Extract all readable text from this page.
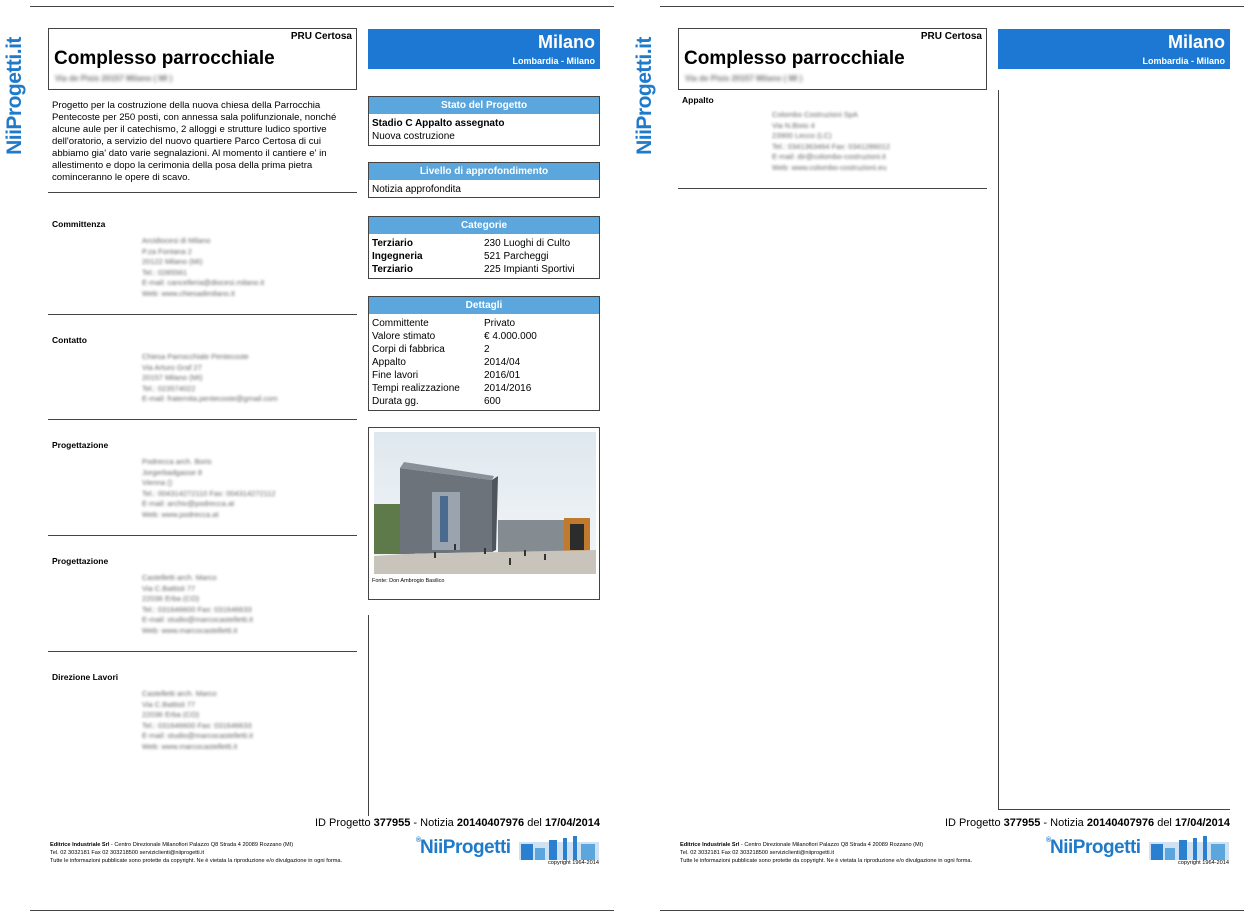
NiiProgetti.it
PRU Certosa
Complesso parrocchiale
Via de Pisis 20157 Milano ( MI )
Milano
Lombardia - Milano
Progetto per la costruzione della nuova chiesa della Parrocchia Pentecoste per 250 posti, con annessa sala polifunzionale, nonché alcune aule per il catechismo, 2 alloggi e strutture ludico sportive dell'oratorio, a servizio del nuovo quartiere Parco Certosa di cui abbiamo gia' dato varie segnalazioni. Al momento il cantiere e' in allestimento e dopo la cerimonia della posa della prima pietra cominceranno le opere di scavo.
Committenza
Arcidiocesi di Milano
P.za Fontana 2
20122 Milano (MI)
Tel.: 0285561
E-mail: cancelleria@diocesi.milano.it
Web: www.chiesadimilano.it
Contatto
Chiesa Parrocchiale Pentecoste
Via Arturo Graf 27
20157 Milano (MI)
Tel.: 023574022
E-mail: fraternita.pentecoste@gmail.com
Progettazione
Podrecca arch. Boris
Jorgerbadgasse 8
Vienna ()
Tel.: 004314272110 Fax: 004314272112
E-mail: archiv@podrecca.at
Web: www.podrecca.at
Progettazione
Castelletti arch. Marco
Via C.Battisti 77
22036 Erba (CO)
Tel.: 031646600 Fax: 031646633
E-mail: studio@marcocastelletti.it
Web: www.marcocastelletti.it
Direzione Lavori
Castelletti arch. Marco
Via C.Battisti 77
22036 Erba (CO)
Tel.: 031646600 Fax: 031646633
E-mail: studio@marcocastelletti.it
Web: www.marcocastelletti.it
Stato del Progetto
Stadio C Appalto assegnato
Nuova costruzione
Livello di approfondimento
Notizia approfondita
Categorie
Terziario	230 Luoghi di Culto
Ingegneria	521 Parcheggi
Terziario	225 Impianti Sportivi
Dettagli
Committente	Privato
Valore stimato	€ 4.000.000
Corpi di fabbrica	2
Appalto	2014/04
Fine lavori	2016/01
Tempi realizzazione	2014/2016
Durata gg.	600
Fonte: Don Ambrogio Basilico
ID Progetto 377955 - Notizia 20140407976 del 17/04/2014
Editrice Industriale Srl - Centro Direzionale Milanofiori Palazzo Q8 Strada 4 20089 Rozzano (MI)
Tel. 02 3032181 Fax 02 303218500 serviziclienti@niiprogetti.it
Tutte le informazioni pubblicate sono protette da copyright. Ne è vietata la riproduzione e/o divulgazione in ogni forma.
®
NiiProgetti
copyright 1964-2014
NiiProgetti.it
PRU Certosa
Complesso parrocchiale
Via de Pisis 20157 Milano ( MI )
Milano
Lombardia - Milano
Appalto
Colombo Costruzioni SpA
Via N.Bixio 4
23900 Lecco (LC)
Tel.: 0341363464 Fax: 0341286012
E-mail: dir@colombo-costruzioni.it
Web: www.colombo-costruzioni.eu
ID Progetto 377955 - Notizia 20140407976 del 17/04/2014
Editrice Industriale Srl - Centro Direzionale Milanofiori Palazzo Q8 Strada 4 20089 Rozzano (MI)
Tel. 02 3032181 Fax 02 303218500 serviziclienti@niiprogetti.it
Tutte le informazioni pubblicate sono protette da copyright. Ne è vietata la riproduzione e/o divulgazione in ogni forma.
®
NiiProgetti
copyright 1964-2014
